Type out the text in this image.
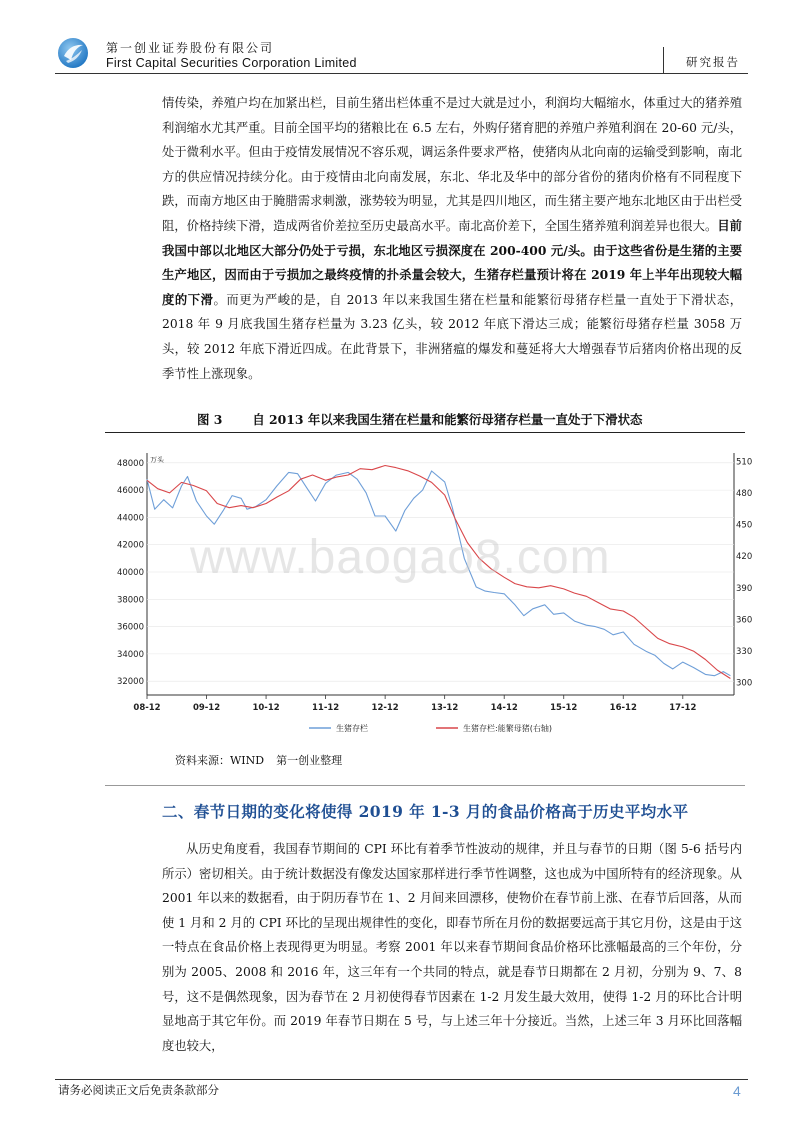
第一创业证券股份有限公司
First Capital Securities Corporation Limited	研究报告
情传染，养殖户均在加紧出栏，目前生猪出栏体重不是过大就是过小，利润均大幅缩水，体重过大的猪养殖利润缩水尤其严重。目前全国平均的猪粮比在 6.5 左右，外购仔猪育肥的养殖户养殖利润在 20-60 元/头，处于微利水平。但由于疫情发展情况不容乐观，调运条件要求严格，使猪肉从北向南的运输受到影响，南北方的供应情况持续分化。由于疫情由北向南发展，东北、华北及华中的部分省份的猪肉价格有不同程度下跌，而南方地区由于腌腊需求刺激，涨势较为明显，尤其是四川地区，而生猪主要产地东北地区由于出栏受阻，价格持续下滑，造成两省价差拉至历史最高水平。南北高价差下，全国生猪养殖利润差异也很大。目前我国中部以北地区大部分仍处于亏损，东北地区亏损深度在 200-400 元/头。由于这些省份是生猪的主要生产地区，因而由于亏损加之最终疫情的扑杀量会较大，生猪存栏量预计将在 2019 年上半年出现较大幅度的下滑。而更为严峻的是，自 2013 年以来我国生猪在栏量和能繁衍母猪存栏量一直处于下滑状态，2018 年 9 月底我国生猪存栏量为 3.23 亿头，较 2012 年底下滑达三成；能繁衍母猪存栏量 3058 万头，较 2012 年底下滑近四成。在此背景下，非洲猪瘟的爆发和蔓延将大大增强春节后猪肉价格出现的反季节性上涨现象。
图 3 自 2013 年以来我国生猪在栏量和能繁衍母猪存栏量一直处于下滑状态
万头
48000
46000
44000
42000
40000
38000
36000
34000
32000
510
480
450
420
390
360
330
300
08-12	09-12	10-12	11-12	12-12	13-12	14-12	15-12	16-12	17-12
生猪存栏	生猪存栏:能繁母猪(右轴)
www.baogao8.com
资料来源：WIND 第一创业整理
二、春节日期的变化将使得 2019 年 1-3 月的食品价格高于历史平均水平
从历史角度看，我国春节期间的 CPI 环比有着季节性波动的规律，并且与春节的日期（图 5-6 括号内所示）密切相关。由于统计数据没有像发达国家那样进行季节性调整，这也成为中国所特有的经济现象。从 2001 年以来的数据看，由于阴历春节在 1、2 月间来回漂移，使物价在春节前上涨、在春节后回落，从而使 1 月和 2 月的 CPI 环比的呈现出规律性的变化，即春节所在月份的数据要远高于其它月份，这是由于这一特点在食品价格上表现得更为明显。考察 2001 年以来春节期间食品价格环比涨幅最高的三个年份，分别为 2005、2008 和 2016 年，这三年有一个共同的特点，就是春节日期都在 2 月初，分别为 9、7、8 号，这不是偶然现象，因为春节在 2 月初使得春节因素在 1-2 月发生最大效用，使得 1-2 月的环比合计明显地高于其它年份。而 2019 年春节日期在 5 号，与上述三年十分接近。当然，上述三年 3 月环比回落幅度也较大，
请务必阅读正文后免责条款部分	4
